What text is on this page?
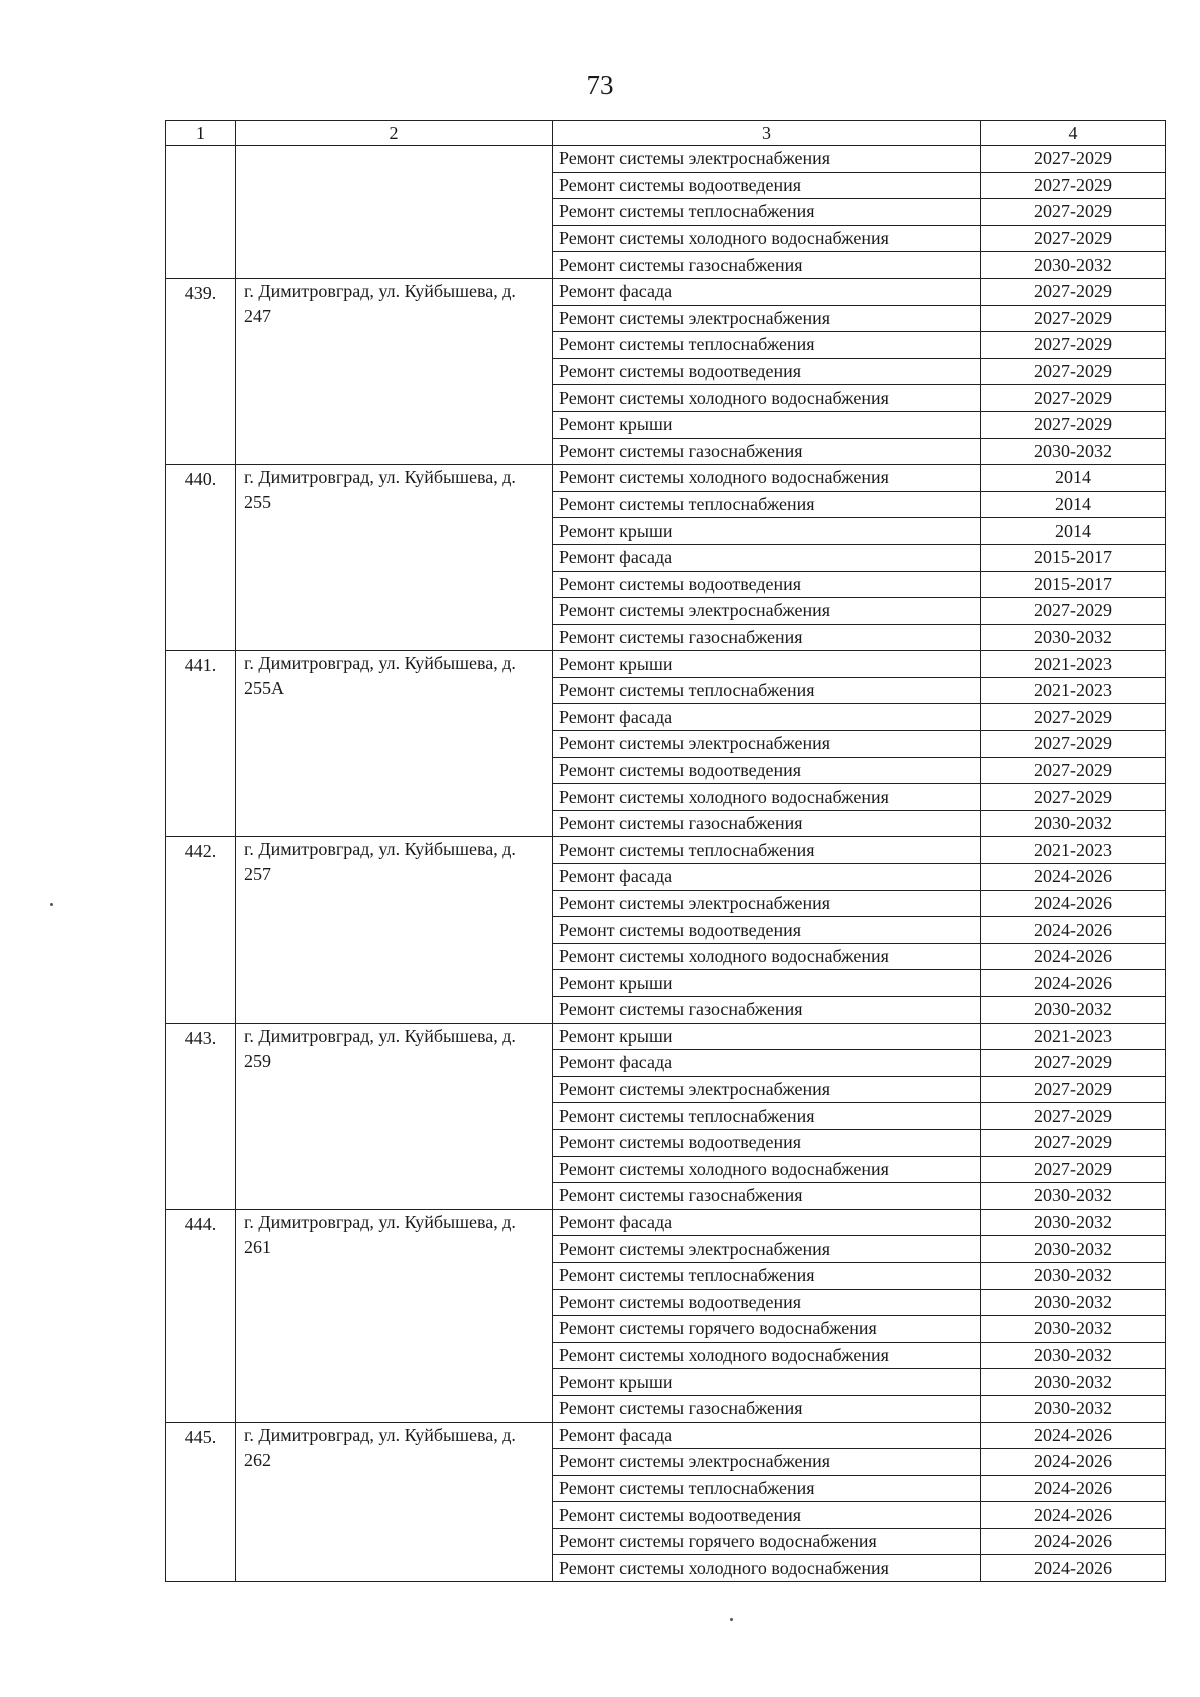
73
1	2	3	4
		Ремонт системы электроснабжения	2027-2029
		Ремонт системы водоотведения	2027-2029
		Ремонт системы теплоснабжения	2027-2029
		Ремонт системы холодного водоснабжения	2027-2029
		Ремонт системы газоснабжения	2030-2032
439.	г. Димитровград, ул. Куйбышева, д. 247	Ремонт фасада	2027-2029
		Ремонт системы электроснабжения	2027-2029
		Ремонт системы теплоснабжения	2027-2029
		Ремонт системы водоотведения	2027-2029
		Ремонт системы холодного водоснабжения	2027-2029
		Ремонт крыши	2027-2029
		Ремонт системы газоснабжения	2030-2032
440.	г. Димитровград, ул. Куйбышева, д. 255	Ремонт системы холодного водоснабжения	2014
		Ремонт системы теплоснабжения	2014
		Ремонт крыши	2014
		Ремонт фасада	2015-2017
		Ремонт системы водоотведения	2015-2017
		Ремонт системы электроснабжения	2027-2029
		Ремонт системы газоснабжения	2030-2032
441.	г. Димитровград, ул. Куйбышева, д. 255А	Ремонт крыши	2021-2023
		Ремонт системы теплоснабжения	2021-2023
		Ремонт фасада	2027-2029
		Ремонт системы электроснабжения	2027-2029
		Ремонт системы водоотведения	2027-2029
		Ремонт системы холодного водоснабжения	2027-2029
		Ремонт системы газоснабжения	2030-2032
442.	г. Димитровград, ул. Куйбышева, д. 257	Ремонт системы теплоснабжения	2021-2023
		Ремонт фасада	2024-2026
		Ремонт системы электроснабжения	2024-2026
		Ремонт системы водоотведения	2024-2026
		Ремонт системы холодного водоснабжения	2024-2026
		Ремонт крыши	2024-2026
		Ремонт системы газоснабжения	2030-2032
443.	г. Димитровград, ул. Куйбышева, д. 259	Ремонт крыши	2021-2023
		Ремонт фасада	2027-2029
		Ремонт системы электроснабжения	2027-2029
		Ремонт системы теплоснабжения	2027-2029
		Ремонт системы водоотведения	2027-2029
		Ремонт системы холодного водоснабжения	2027-2029
		Ремонт системы газоснабжения	2030-2032
444.	г. Димитровград, ул. Куйбышева, д. 261	Ремонт фасада	2030-2032
		Ремонт системы электроснабжения	2030-2032
		Ремонт системы теплоснабжения	2030-2032
		Ремонт системы водоотведения	2030-2032
		Ремонт системы горячего водоснабжения	2030-2032
		Ремонт системы холодного водоснабжения	2030-2032
		Ремонт крыши	2030-2032
		Ремонт системы газоснабжения	2030-2032
445.	г. Димитровград, ул. Куйбышева, д. 262	Ремонт фасада	2024-2026
		Ремонт системы электроснабжения	2024-2026
		Ремонт системы теплоснабжения	2024-2026
		Ремонт системы водоотведения	2024-2026
		Ремонт системы горячего водоснабжения	2024-2026
		Ремонт системы холодного водоснабжения	2024-2026
